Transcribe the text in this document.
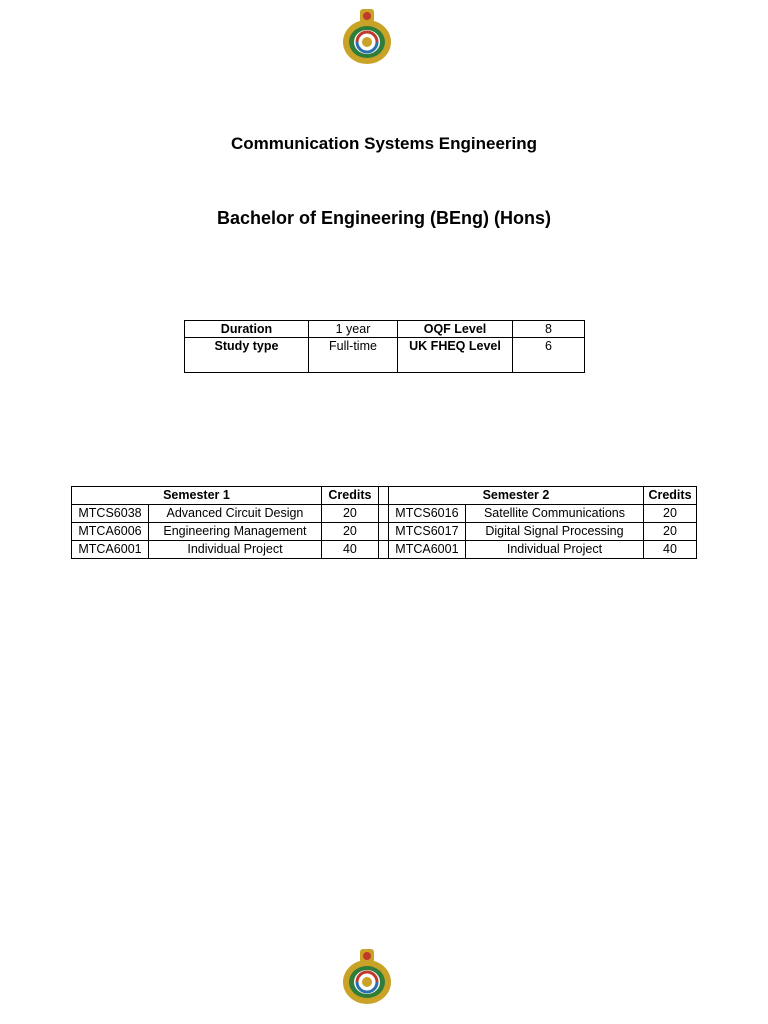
Communication Systems Engineering
Bachelor of Engineering (BEng) (Hons)
Duration	1 year	OQF Level	8
Study type	Full-time	UK FHEQ Level	6
Semester 1		Credits		Semester 2		Credits
MTCS6038	Advanced Circuit Design	20		MTCS6016	Satellite Communications	20
MTCA6006	Engineering Management	20		MTCS6017	Digital Signal Processing	20
MTCA6001	Individual Project	40		MTCA6001	Individual Project	40
